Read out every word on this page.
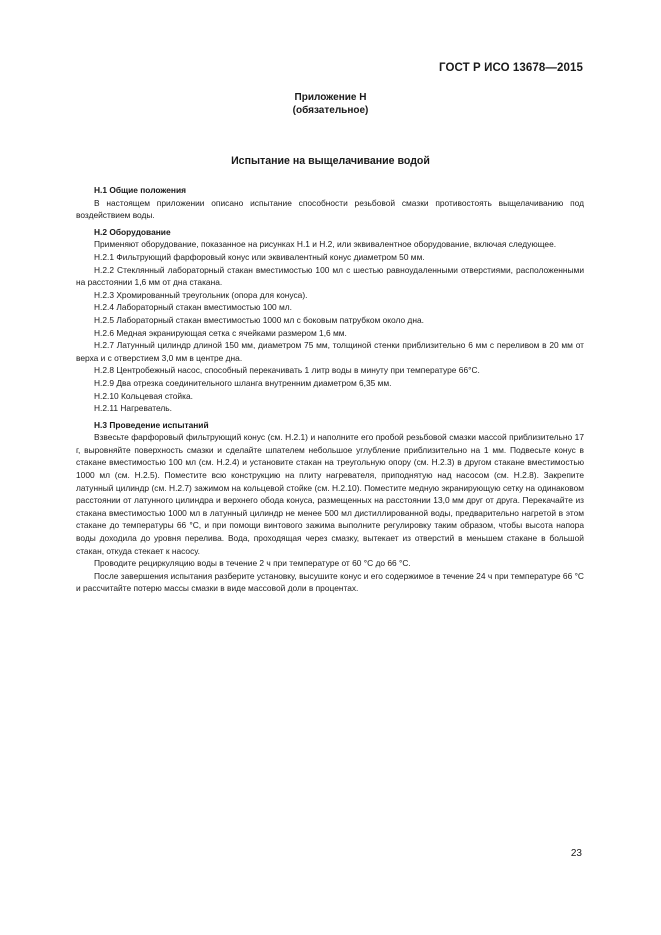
ГОСТ Р ИСО 13678—2015
Приложение Н
(обязательное)
Испытание на выщелачивание водой
Н.1 Общие положения

В настоящем приложении описано испытание способности резьбовой смазки противостоять выщелачиванию под воздействием воды.

Н.2 Оборудование

Применяют оборудование, показанное на рисунках Н.1 и Н.2, или эквивалентное оборудование, включая следующее.

Н.2.1 Фильтрующий фарфоровый конус или эквивалентный конус диаметром 50 мм.

Н.2.2 Стеклянный лабораторный стакан вместимостью 100 мл с шестью равноудаленными отверстиями, расположенными на расстоянии 1,6 мм от дна стакана.

Н.2.3 Хромированный треугольник (опора для конуса).

Н.2.4 Лабораторный стакан вместимостью 100 мл.

Н.2.5 Лабораторный стакан вместимостью 1000 мл с боковым патрубком около дна.

Н.2.6 Медная экранирующая сетка с ячейками размером 1,6 мм.

Н.2.7 Латунный цилиндр длиной 150 мм, диаметром 75 мм, толщиной стенки приблизительно 6 мм с переливом в 20 мм от верха и с отверстием 3,0 мм в центре дна.

Н.2.8 Центробежный насос, способный перекачивать 1 литр воды в минуту при температуре 66°С.

Н.2.9 Два отрезка соединительного шланга внутренним диаметром 6,35 мм.

Н.2.10 Кольцевая стойка.

Н.2.11 Нагреватель.

Н.3 Проведение испытаний

Взвесьте фарфоровый фильтрующий конус (см. Н.2.1) и наполните его пробой резьбовой смазки массой приблизительно 17 г, выровняйте поверхность смазки и сделайте шпателем небольшое углубление приблизительно на 1 мм. Подвесьте конус в стакане вместимостью 100 мл (см. Н.2.4) и установите стакан на треугольную опору (см. Н.2.3) в другом стакане вместимостью 1000 мл (см. Н.2.5). Поместите всю конструкцию на плиту нагревателя, приподнятую над насосом (см. Н.2.8). Закрепите латунный цилиндр (см. Н.2.7) зажимом на кольцевой стойке (см. Н.2.10). Поместите медную экранирующую сетку на одинаковом расстоянии от латунного цилиндра и верхнего обода конуса, размещенных на расстоянии 13,0 мм друг от друга. Перекачайте из стакана вместимостью 1000 мл в латунный цилиндр не менее 500 мл дистиллированной воды, предварительно нагретой в этом стакане до температуры 66 °С, и при помощи винтового зажима выполните регулировку таким образом, чтобы высота напора воды доходила до уровня перелива. Вода, проходящая через смазку, вытекает из отверстий в меньшем стакане в большой стакан, откуда стекает к насосу.

Проводите рециркуляцию воды в течение 2 ч при температуре от 60 °С до 66 °С.

После завершения испытания разберите установку, высушите конус и его содержимое в течение 24 ч при температуре 66 °С и рассчитайте потерю массы смазки в виде массовой доли в процентах.

23
